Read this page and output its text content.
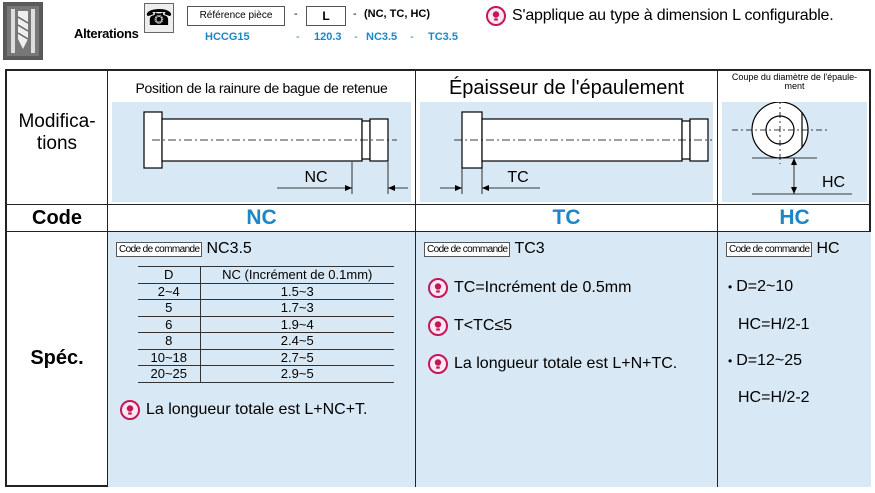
Alterations
☎	Référence pièce	-	L	- (NC, TC, HC)
HCCG15	- 120.3 - NC3.5 - TC3.5
S'applique au type à dimension L configurable.
Modifica-
tions
Code
Spéc.
Position de la rainure de bague de retenue	Épaisseur de l'épaulement	Coupe du diamètre de l'épaule-
ment
NC	TC	HC
NC	TC	HC
Code de commande NC3.5
D	NC (Incrément de 0.1mm)
2~4	1.5~3
5	1.7~3
6	1.9~4
8	2.4~5
10~18	2.7~5
20~25	2.9~5
La longueur totale est L+NC+T.
Code de commande TC3
TC=Incrément de 0.5mm
T<TC≤5
La longueur totale est L+N+TC.
Code de commande HC
• D=2~10
HC=H/2-1
• D=12~25
HC=H/2-2
